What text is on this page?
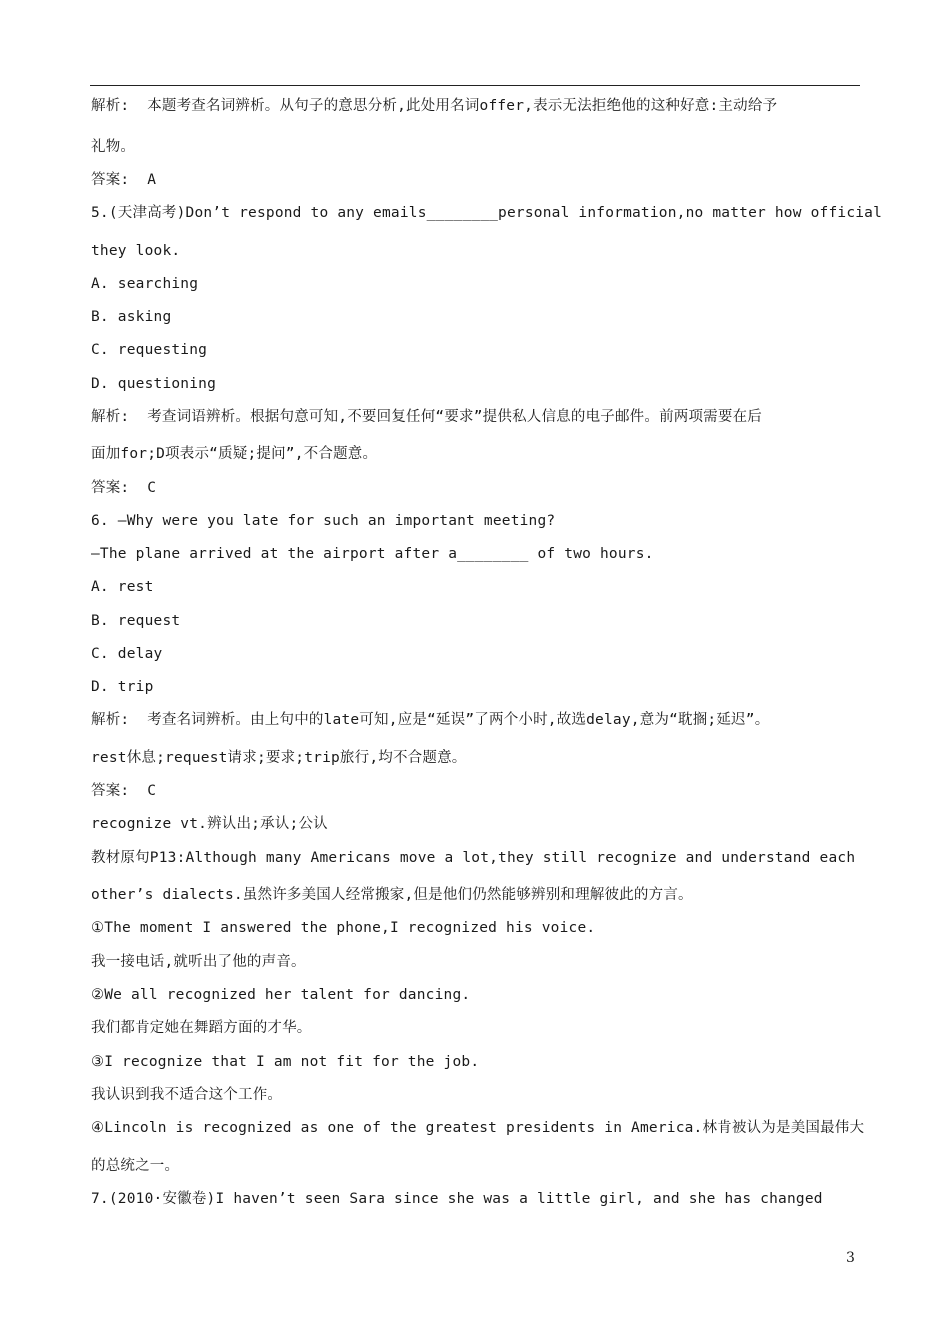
解析:  本题考查名词辨析。从句子的意思分析,此处用名词offer,表示无法拒绝他的这种好意:主动给予
礼物。
答案:  A
5.(天津高考)Don’t respond to any emails________personal information,no matter how official
they look.
A. searching
B. asking
C. requesting
D. questioning
解析:  考查词语辨析。根据句意可知,不要回复任何“要求”提供私人信息的电子邮件。前两项需要在后
面加for;D项表示“质疑;提问”,不合题意。
答案:  C
6. —Why were you late for such an important meeting?
—The plane arrived at the airport after a________ of two hours.
A. rest
B. request
C. delay
D. trip
解析:  考查名词辨析。由上句中的late可知,应是“延误”了两个小时,故选delay,意为“耽搁;延迟”。
rest休息;request请求;要求;trip旅行,均不合题意。
答案:  C
recognize vt.辨认出;承认;公认
教材原句P13:Although many Americans move a lot,they still recognize and understand each
other’s dialects.虽然许多美国人经常搬家,但是他们仍然能够辨别和理解彼此的方言。
①The moment I answered the phone,I recognized his voice.
我一接电话,就听出了他的声音。
②We all recognized her talent for dancing.
我们都肯定她在舞蹈方面的才华。
③I recognize that I am not fit for the job.
我认识到我不适合这个工作。
④Lincoln is recognized as one of the greatest presidents in America.林肯被认为是美国最伟大
的总统之一。
7.(2010·安徽卷)I haven’t seen Sara since she was a little girl, and she has changed
3
